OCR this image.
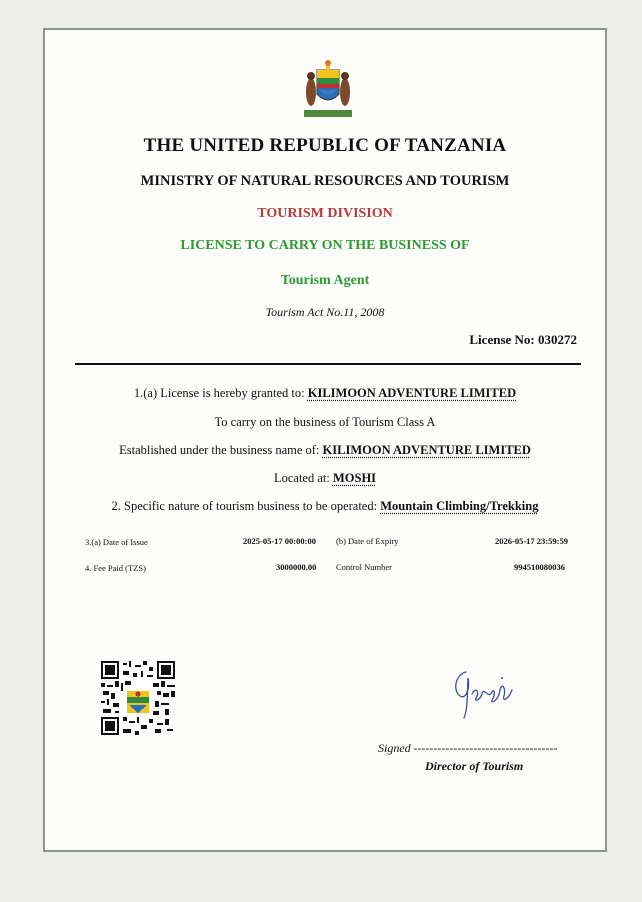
THE UNITED REPUBLIC OF TANZANIA
MINISTRY OF NATURAL RESOURCES AND TOURISM
TOURISM DIVISION
LICENSE TO CARRY ON THE BUSINESS OF
Tourism Agent
Tourism Act No.11, 2008
License No: 030272
1.(a) License is hereby granted to: KILIMOON ADVENTURE LIMITED
To carry on the business of Tourism Class A
Established under the business name of: KILIMOON ADVENTURE LIMITED
Located at: MOSHI
2. Specific nature of tourism business to be operated: Mountain Climbing/Trekking
3.(a) Date of Issue	2025-05-17 00:00:00 (b) Date of Expiry	2026-05-17 23:59:59
4. Fee Paid (TZS)	3000000.00 Control Number	994510080036
Signed ------------------------------------
Director of Tourism
